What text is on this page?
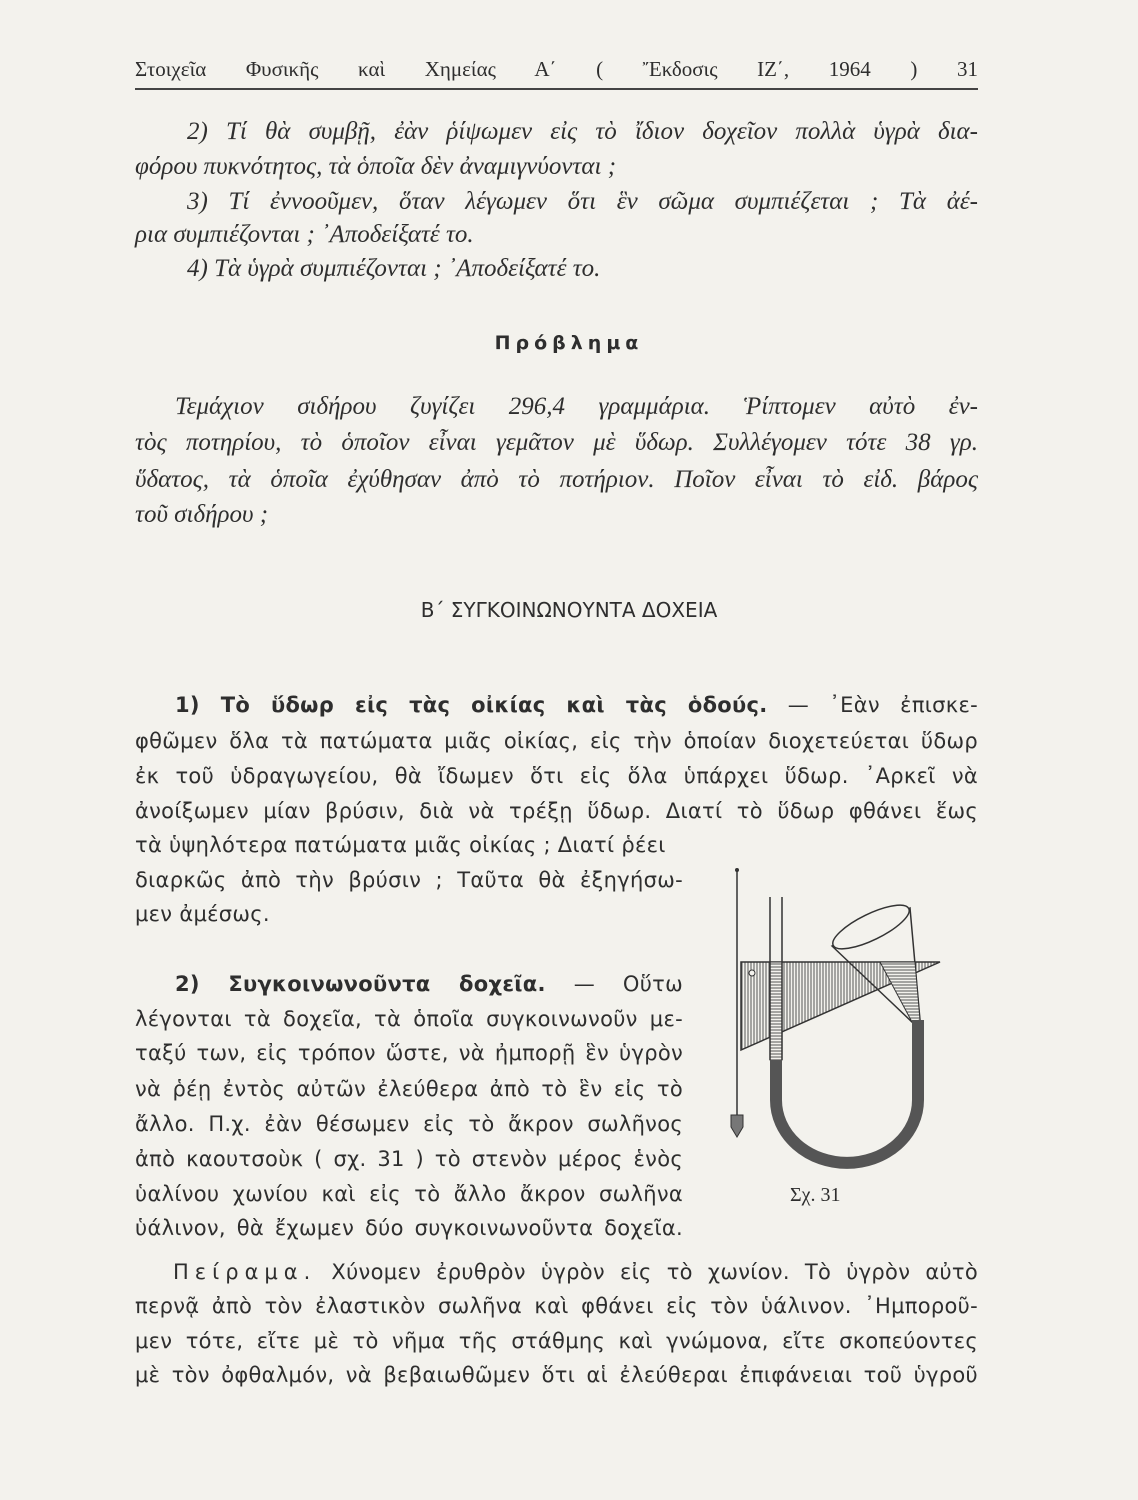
Στοιχεῖα Φυσικῆς καὶ Χημείας Α΄ ( Ἔκδοσις ΙΖ΄, 1964 ) 31
2) Τί θὰ συμβῇ, ἐὰν ῥίψωμεν εἰς τὸ ἴδιον δοχεῖον πολλὰ ὑγρὰ δια-
φόρου πυκνότητος, τὰ ὁποῖα δὲν ἀναμιγνύονται ;
3) Τί ἐννοοῦμεν, ὅταν λέγωμεν ὅτι ἓν σῶμα συμπιέζεται ; Τὰ ἀέ-
ρια συμπιέζονται ; ᾿Αποδείξατέ το.
4) Τὰ ὑγρὰ συμπιέζονται ; ᾿Αποδείξατέ το.
Πρόβλημα
Τεμάχιον σιδήρου ζυγίζει 296,4 γραμμάρια. Ῥίπτομεν αὐτὸ ἐν-
τὸς ποτηρίου, τὸ ὁποῖον εἶναι γεμᾶτον μὲ ὕδωρ. Συλλέγομεν τότε 38 γρ.
ὕδατος, τὰ ὁποῖα ἐχύθησαν ἀπὸ τὸ ποτήριον. Ποῖον εἶναι τὸ εἰδ. βάρος
τοῦ σιδήρου ;
Β΄ ΣΥΓΚΟΙΝΩΝΟΥΝΤΑ ΔΟΧΕΙΑ
1) Τὸ ὕδωρ εἰς τὰς οἰκίας καὶ τὰς ὁδούς. — ᾿Εὰν ἐπισκε-
φθῶμεν ὅλα τὰ πατώματα μιᾶς οἰκίας, εἰς τὴν ὁποίαν διοχετεύεται ὕδωρ
ἐκ τοῦ ὑδραγωγείου, θὰ ἴδωμεν ὅτι εἰς ὅλα ὑπάρχει ὕδωρ. ᾿Αρκεῖ νὰ
ἀνοίξωμεν μίαν βρύσιν, διὰ νὰ τρέξῃ ὕδωρ. Διατί τὸ ὕδωρ φθάνει ἕως
τὰ ὑψηλότερα πατώματα μιᾶς οἰκίας ; Διατί ῥέει
διαρκῶς ἀπὸ τὴν βρύσιν ; Ταῦτα θὰ ἐξηγήσω-
μεν ἀμέσως.
2) Συγκοινωνοῦντα δοχεῖα. — Οὕτω
λέγονται τὰ δοχεῖα, τὰ ὁποῖα συγκοινωνοῦν με-
ταξύ των, εἰς τρόπον ὥστε, νὰ ἠμπορῇ ἓν ὑγρὸν
νὰ ῥέῃ ἐντὸς αὐτῶν ἐλεύθερα ἀπὸ τὸ ἓν εἰς τὸ
ἄλλο. Π.χ. ἐὰν θέσωμεν εἰς τὸ ἄκρον σωλῆνος
ἀπὸ καουτσοὺκ ( σχ. 31 ) τὸ στενὸν μέρος ἑνὸς
ὑαλίνου χωνίου καὶ εἰς τὸ ἄλλο ἄκρον σωλῆνα
ὑάλινον, θὰ ἔχωμεν δύο συγκοινωνοῦντα δοχεῖα.
Πείραμα. Χύνομεν ἐρυθρὸν ὑγρὸν εἰς τὸ χωνίον. Τὸ ὑγρὸν αὐτὸ
περνᾷ ἀπὸ τὸν ἐλαστικὸν σωλῆνα καὶ φθάνει εἰς τὸν ὑάλινον. ᾿Ημποροῦ-
μεν τότε, εἴτε μὲ τὸ νῆμα τῆς στάθμης καὶ γνώμονα, εἴτε σκοπεύοντες
μὲ τὸν ὀφθαλμόν, νὰ βεβαιωθῶμεν ὅτι αἱ ἐλεύθεραι ἐπιφάνειαι τοῦ ὑγροῦ
Σχ. 31
